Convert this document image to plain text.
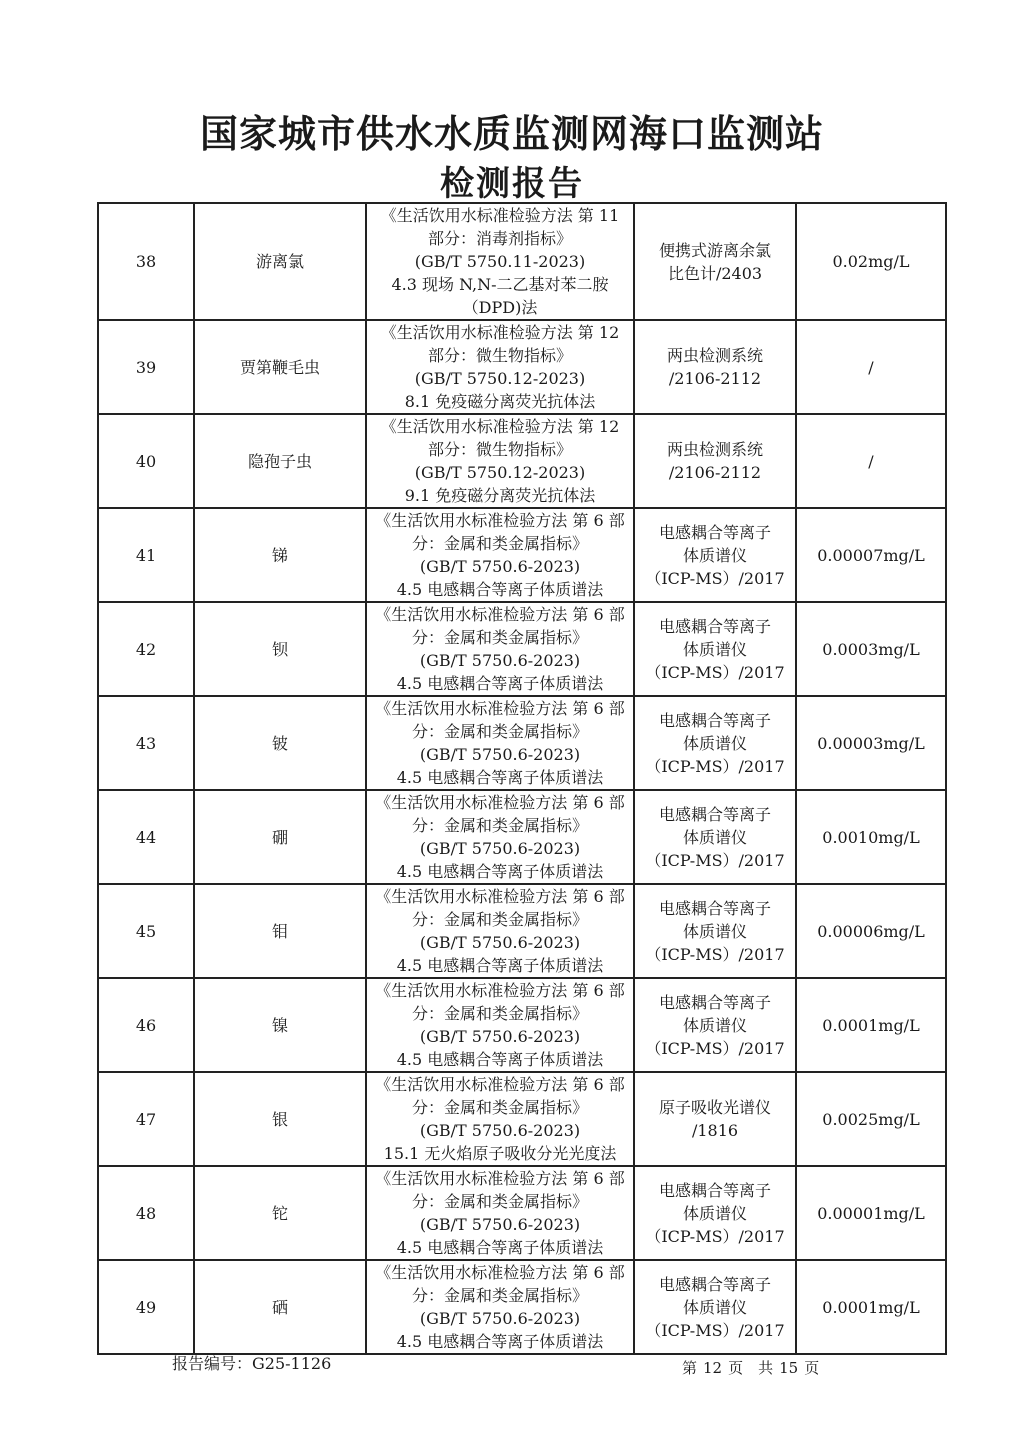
国家城市供水水质监测网海口监测站
检测报告
38	游离氯	《生活饮用水标准检验方法 第 11
部分：消毒剂指标》
(GB/T 5750.11-2023)
4.3 现场 N,N-二乙基对苯二胺
（DPD)法	便携式游离余氯
比色计/2403	0.02mg/L
39	贾第鞭毛虫	《生活饮用水标准检验方法 第 12
部分：微生物指标》
(GB/T 5750.12-2023)
8.1 免疫磁分离荧光抗体法	两虫检测系统
/2106-2112	/
40	隐孢子虫	《生活饮用水标准检验方法 第 12
部分：微生物指标》
(GB/T 5750.12-2023)
9.1 免疫磁分离荧光抗体法	两虫检测系统
/2106-2112	/
41	锑	《生活饮用水标准检验方法 第 6 部
分：金属和类金属指标》
(GB/T 5750.6-2023)
4.5 电感耦合等离子体质谱法	电感耦合等离子
体质谱仪
（ICP-MS）/2017	0.00007mg/L
42	钡	《生活饮用水标准检验方法 第 6 部
分：金属和类金属指标》
(GB/T 5750.6-2023)
4.5 电感耦合等离子体质谱法	电感耦合等离子
体质谱仪
（ICP-MS）/2017	0.0003mg/L
43	铍	《生活饮用水标准检验方法 第 6 部
分：金属和类金属指标》
(GB/T 5750.6-2023)
4.5 电感耦合等离子体质谱法	电感耦合等离子
体质谱仪
（ICP-MS）/2017	0.00003mg/L
44	硼	《生活饮用水标准检验方法 第 6 部
分：金属和类金属指标》
(GB/T 5750.6-2023)
4.5 电感耦合等离子体质谱法	电感耦合等离子
体质谱仪
（ICP-MS）/2017	0.0010mg/L
45	钼	《生活饮用水标准检验方法 第 6 部
分：金属和类金属指标》
(GB/T 5750.6-2023)
4.5 电感耦合等离子体质谱法	电感耦合等离子
体质谱仪
（ICP-MS）/2017	0.00006mg/L
46	镍	《生活饮用水标准检验方法 第 6 部
分：金属和类金属指标》
(GB/T 5750.6-2023)
4.5 电感耦合等离子体质谱法	电感耦合等离子
体质谱仪
（ICP-MS）/2017	0.0001mg/L
47	银	《生活饮用水标准检验方法 第 6 部
分：金属和类金属指标》
(GB/T 5750.6-2023)
15.1 无火焰原子吸收分光光度法	原子吸收光谱仪
/1816	0.0025mg/L
48	铊	《生活饮用水标准检验方法 第 6 部
分：金属和类金属指标》
(GB/T 5750.6-2023)
4.5 电感耦合等离子体质谱法	电感耦合等离子
体质谱仪
（ICP-MS）/2017	0.00001mg/L
49	硒	《生活饮用水标准检验方法 第 6 部
分：金属和类金属指标》
(GB/T 5750.6-2023)
4.5 电感耦合等离子体质谱法	电感耦合等离子
体质谱仪
（ICP-MS）/2017	0.0001mg/L
报告编号：G25-1126	第 12 页　共 15 页
